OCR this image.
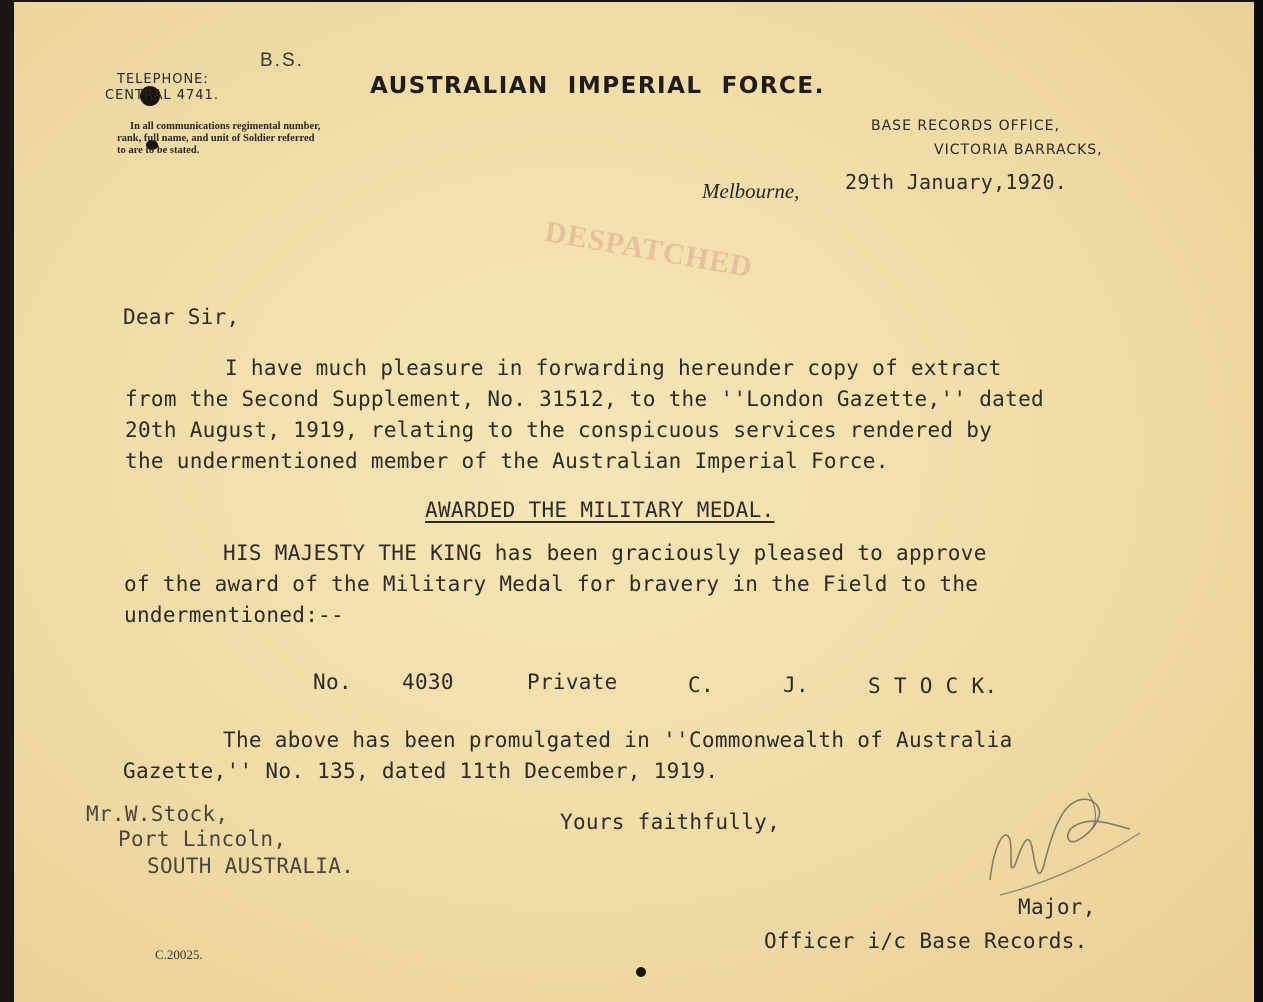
B.S.
TELEPHONE:
CENTRAL 4741.
In all communications regimental number,
rank, full name, and unit of Soldier referred
to are to be stated.
AUSTRALIAN  IMPERIAL  FORCE.
BASE RECORDS OFFICE,
VICTORIA BARRACKS,
Melbourne, 29th January,1920.
DESPATCHED
Dear Sir,
I have much pleasure in forwarding hereunder copy of extract
from the Second Supplement, No. 31512, to the ''London Gazette,'' dated
20th August, 1919, relating to the conspicuous services rendered by
the undermentioned member of the Australian Imperial Force.
AWARDED THE MILITARY MEDAL.
HIS MAJESTY THE KING has been graciously pleased to approve
of the award of the Military Medal for bravery in the Field to the
undermentioned:--
No. 4030	Private	C.	J.	S T O C K.
The above has been promulgated in ''Commonwealth of Australia
Gazette,'' No. 135, dated 11th December, 1919.
Mr.W.Stock,
Port Lincoln,
SOUTH AUSTRALIA.
Yours faithfully,
Major,
Officer i/c Base Records.
C.20025.
